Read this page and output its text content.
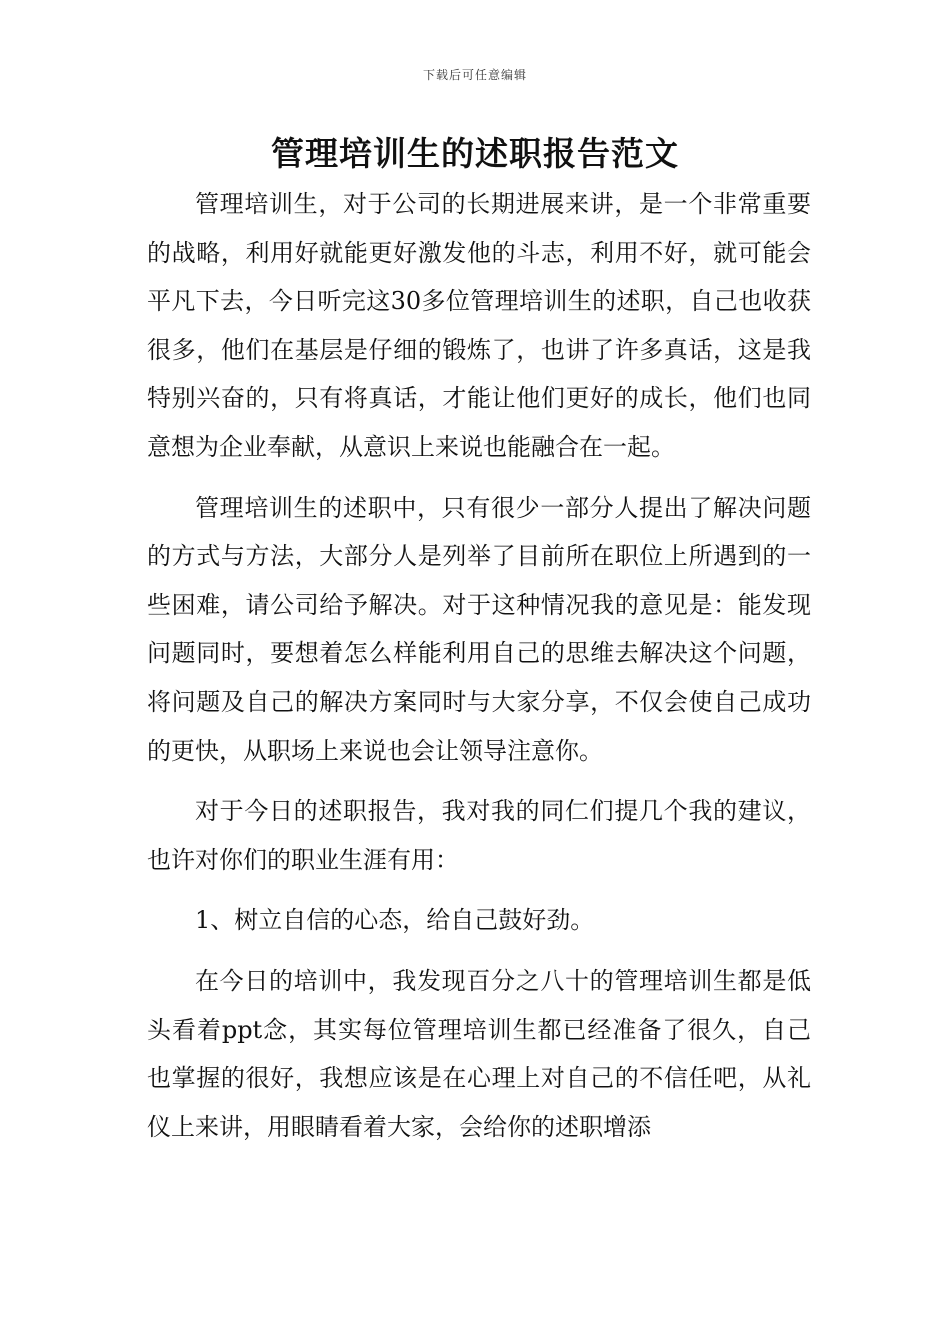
下载后可任意编辑
管理培训生的述职报告范文

管理培训生，对于公司的长期进展来讲，是一个非常重要的战略，利用好就能更好激发他的斗志，利用不好，就可能会平凡下去，今日听完这30多位管理培训生的述职，自己也收获很多，他们在基层是仔细的锻炼了，也讲了许多真话，这是我特别兴奋的，只有将真话，才能让他们更好的成长，他们也同意想为企业奉献，从意识上来说也能融合在一起。

管理培训生的述职中，只有很少一部分人提出了解决问题的方式与方法，大部分人是列举了目前所在职位上所遇到的一些困难，请公司给予解决。对于这种情况我的意见是：能发现问题同时，要想着怎么样能利用自己的思维去解决这个问题，将问题及自己的解决方案同时与大家分享，不仅会使自己成功的更快，从职场上来说也会让领导注意你。

对于今日的述职报告，我对我的同仁们提几个我的建议，也许对你们的职业生涯有用：

1、树立自信的心态，给自己鼓好劲。

在今日的培训中，我发现百分之八十的管理培训生都是低头看着ppt念，其实每位管理培训生都已经准备了很久，自己也掌握的很好，我想应该是在心理上对自己的不信任吧，从礼仪上来讲，用眼睛看着大家，会给你的述职增添
